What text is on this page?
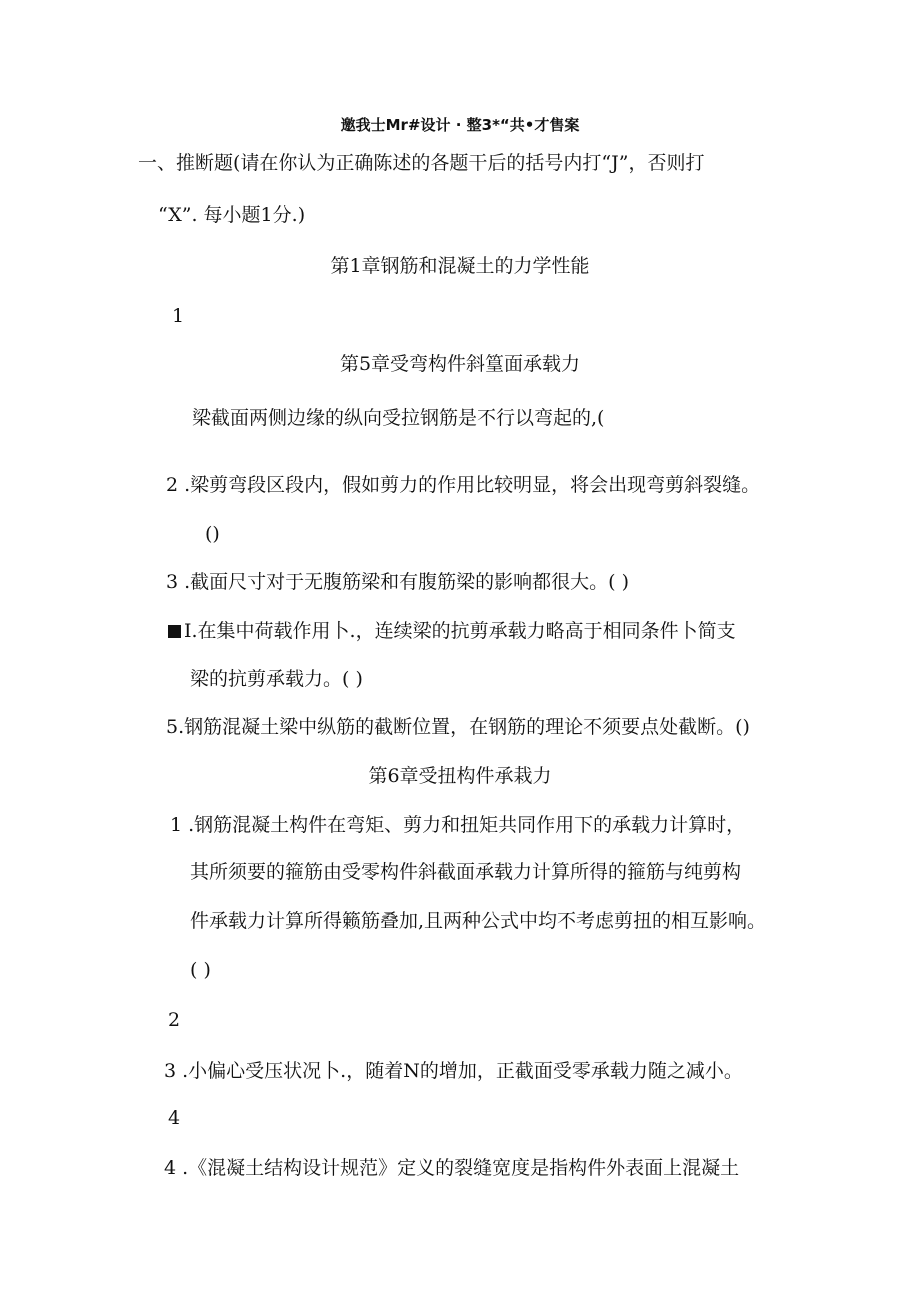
邀我士Mr#设计 · 整3*“共•才售案
一、推断题(请在你认为正确陈述的各题干后的括号内打“J”，否则打
“X”. 每小题1分.)
第1章钢筋和混凝土的力学性能
1
第5章受弯构件斜篁面承载力
梁截面两侧边缘的纵向受拉钢筋是不行以弯起的,(
2 .梁剪弯段区段内，假如剪力的作用比较明显，将会出现弯剪斜裂缝。
()
3 .截面尺寸对于无腹筋梁和有腹筋梁的影响都很大。( )
I.在集中荷载作用卜.，连续梁的抗剪承载力略高于相同条件卜简支
梁的抗剪承载力。( )
5.钢筋混凝土梁中纵筋的截断位置，在钢筋的理论不须要点处截断。()
第6章受扭构件承栽力
1 .钢筋混凝土构件在弯矩、剪力和扭矩共同作用下的承载力计算时，
其所须要的箍筋由受零构件斜截面承载力计算所得的箍筋与纯剪构
件承载力计算所得籁筋叠加,且两种公式中均不考虑剪扭的相互影响。
( )
2
3 .小偏心受压状况卜.，随着N的增加，正截面受零承载力随之减小。
4
4 .《混凝土结构设计规范》定义的裂缝宽度是指构件外表面上混凝土
